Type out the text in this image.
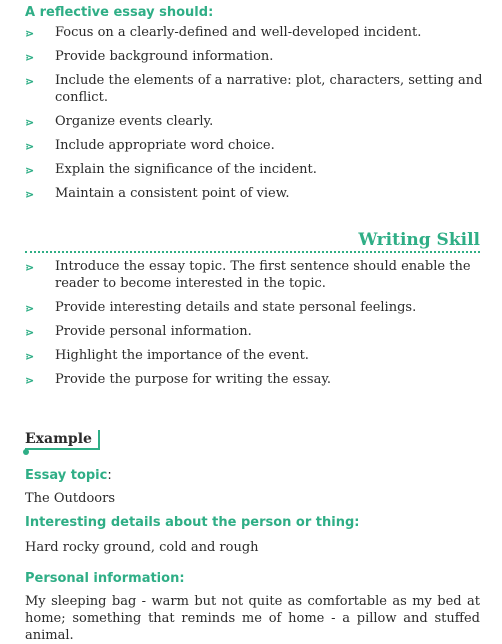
A reflective essay should:
⋗ Focus on a clearly-defined and well-developed incident.
⋗ Provide background information.
⋗ Include the elements of a narrative: plot, characters, setting and conflict.
⋗ Organize events clearly.
⋗ Include appropriate word choice.
⋗ Explain the significance of the incident.
⋗ Maintain a consistent point of view.
Writing Skill
⋗ Introduce the essay topic. The first sentence should enable the reader to become interested in the topic.
⋗ Provide interesting details and state personal feelings.
⋗ Provide personal information.
⋗ Highlight the importance of the event.
⋗ Provide the purpose for writing the essay.
Example
Essay topic:
The Outdoors
Interesting details about the person or thing:
Hard rocky ground, cold and rough
Personal information:
My sleeping bag - warm but not quite as comfortable as my bed at home; something that reminds me of home - a pillow and stuffed animal.
